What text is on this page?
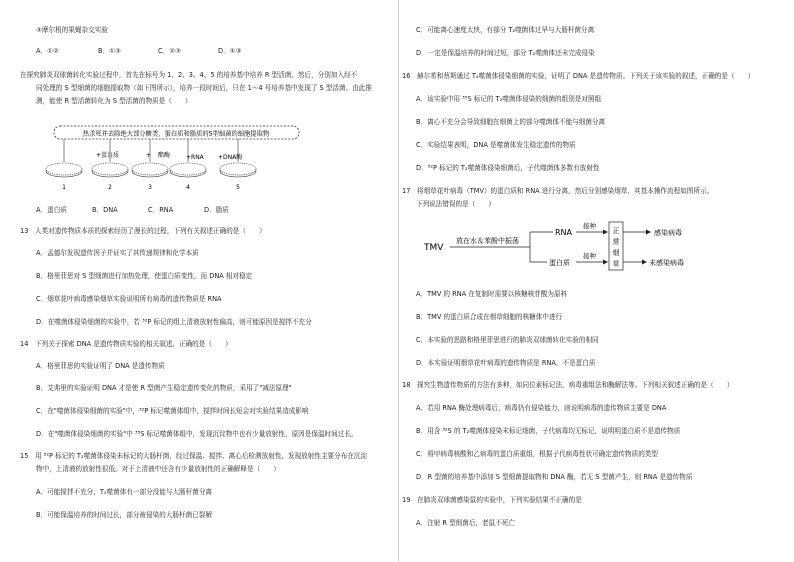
③摩尔根的果蝇杂交实验
A．①②	B．①③	C．②③	D．①③
在探究肺炎双球菌转化实验过程中，首先在标号为 1、2、3、4、5 的培养基中培养 R 型活菌，然后，分别加入经不
同处理的 S 型细菌的细胞提取物（如下图所示），培养一段时间后，只在 1～4 号培养基中发现了 S 型活菌。由此推
测，能使 R 型活菌转化为 S 型活菌的物质是（　　）
热杀死并去除绝大部分糖类、蛋白质和脂质的S型细菌的细胞提取物
+蛋白质	+ 酯酶	+RNA +DNA酶
1	2	3	4	5
A．蛋白质	B．DNA	C．RNA	D．脂质
13　人类对遗传物质本质的探索经历了漫长的过程，下列有关叙述正确的是（　　）
A．孟德尔发现遗传因子并证实了其传递规律和化学本质
B．格里菲思对 S 型细菌进行加热处理，使蛋白质变性，而 DNA 相对稳定
C．烟草花叶病毒感染烟草实验说明所有病毒的遗传物质是 RNA
D．在噬菌体侵染细菌的实验中，若 ³²P 标记的组上清液放射性偏高，则可能原因是搅拌不充分
14　下列关于探索 DNA 是遗传物质实验的相关叙述，正确的是（　　）
A．格里菲思的实验证明了 DNA 是遗传物质
B．艾弗里的实验证明 DNA 才是使 R 型菌产生稳定遗传变化的物质，采用了"减法原理"
C．在"噬菌体侵染细菌的实验"中，³²P 标记噬菌体组中，搅拌时间长短会对实验结果造成影响
D．在"噬菌体侵染细菌的实验"中 ³⁵S 标记噬菌体组中，发现沉淀物中也有少量放射性，原因是保温时间过长。
15　用 ³²P 标记的 T₂噬菌体侵染未标记的大肠杆菌，经过保温、搅拌、离心后检测放射性，发现放射性主要分布在沉淀
物中，上清液的放射性很低。对于上清液中还含有少量放射性的正确解释是（　　）
A．可能搅拌不充分，T₂噬菌体有一部分没能与大肠杆菌分离
B．可能保温培养的时间过长，部分被侵染的大肠杆菌已裂解
C．可能离心速度太快，有部分 T₂噬菌体过早与大肠杆菌分离
D．一定是保温培养的时间过短，部分 T₂噬菌体还未完成侵染
16　赫尔希和蔡斯通过 T₂噬菌体侵染细菌的实验，证明了 DNA 是遗传物质。下列关于该实验的叙述，正确的是（　　）
A．该实验中用 ³⁵S 标记的 T₂噬菌体侵染的细菌的组别是对照组
B．离心不充分会导致细胞在细菌上的部分噬菌体不能与细菌分离
C．实验结果表明，DNA 是噬菌体发生稳定遗传的物质
D．³²P 标记的 T₂噬菌体侵染细菌后，子代噬菌体多数有放射性
17　将烟草花叶病毒（TMV）的蛋白质和 RNA 进行分离，然后分别感染烟草，其基本操作流程如图所示。
下列说法错误的是（　　）
TMV
放在水＆苯酚中振荡
RNA
蛋白质
接种
接种
正
常
烟
草
感染病毒
未感染病毒
A．TMV 的 RNA 在复制时需要以核糖核苷酸为原料
B．TMV 的蛋白质合成在烟草细胞的核糖体中进行
C．本实验的思路和格里菲思进行的肺炎双球菌转化实验的相同
D．本实验证明烟草花叶病毒的遗传物质是 RNA，不是蛋白质
18　探究生物遗传物质的方法有多种，如同位素标记法，病毒重组法和酶解法等。下列相关叙述正确的是（　　）
A．若用 RNA 酶处理病毒后，病毒仍有侵染能力，则说明病毒的遗传物质主要是 DNA
B．用含 ³²S 的 T₂噬菌体侵染未标记细菌，子代病毒均无标记，说明明蛋白质不是遗传物质
C．将甲病毒核酸和乙病毒的蛋白质重组，根据子代病毒性状可确定遗传物质的类型
D．R 型菌的培养基中添加 S 型细菌提取物和 DNA 酶，若无 S 型菌产生，则 RNA 是遗传物质
19　在肺炎双球菌感染鼠的实验中，下列实验结果不正确的是
A．注射 R 型细菌后，老鼠不死亡
